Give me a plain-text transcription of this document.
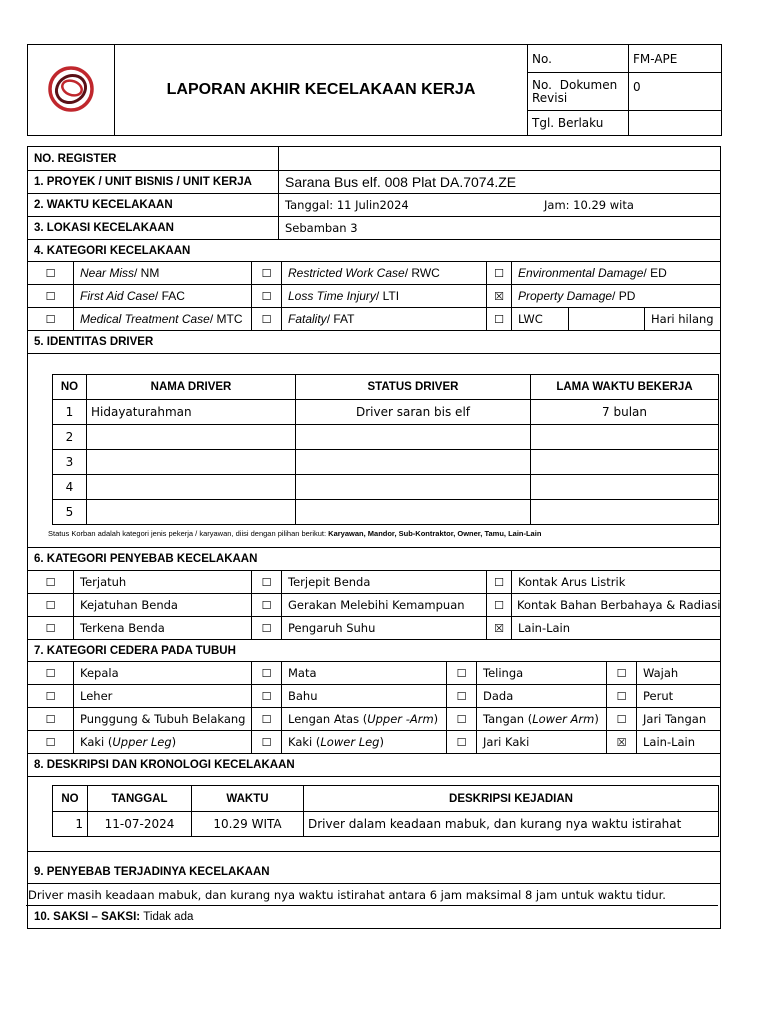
	LAPORAN AKHIR KECELAKAAN KERJA	No.	FM-APE
		No. Dokumen Revisi	0
		Tgl. Berlaku	
NO. REGISTER
1. PROYEK / UNIT BISNIS / UNIT KERJA	Sarana Bus elf. 008 Plat DA.7074.ZE
2. WAKTU KECELAKAAN	Tanggal: 11 Julin2024	Jam: 10.29 wita
3. LOKASI KECELAKAAN	Sebamban 3
4. KATEGORI KECELAKAAN
☐	Near Miss / NM	☐	Restricted Work Case / RWC	☐	Environmental Damage / ED
☐	First Aid Case / FAC	☐	Loss Time Injury / LTI	☒	Property Damage / PD
☐	Medical Treatment Case / MTC	☐	Fatality / FAT	☐	LWC	Hari hilang
5. IDENTITAS DRIVER
NO	NAMA DRIVER	STATUS DRIVER	LAMA WAKTU BEKERJA
1	Hidayaturahman	Driver saran bis elf	7 bulan
2			
3			
4			
5			
Status Korban adalah kategori jenis pekerja / karyawan, diisi dengan pilihan berikut: Karyawan, Mandor, Sub-Kontraktor, Owner, Tamu, Lain-Lain
6. KATEGORI PENYEBAB KECELAKAAN
☐	Terjatuh	☐	Terjepit Benda	☐	Kontak Arus Listrik
☐	Kejatuhan Benda	☐	Gerakan Melebihi Kemampuan	☐	Kontak Bahan Berbahaya & Radiasi
☐	Terkena Benda	☐	Pengaruh Suhu	☒	Lain-Lain
7. KATEGORI CEDERA PADA TUBUH
☐	Kepala	☐	Mata	☐	Telinga	☐	Wajah
☐	Leher	☐	Bahu	☐	Dada	☐	Perut
☐	Punggung & Tubuh Belakang	☐	Lengan Atas ( Upper -Arm )	☐	Tangan ( Lower Arm )	☐	Jari Tangan
☐	Kaki ( Upper Leg )	☐	Kaki ( Lower Leg )	☐	Jari Kaki	☒	Lain-Lain
8. DESKRIPSI DAN KRONOLOGI KECELAKAAN
NO	TANGGAL	WAKTU	DESKRIPSI KEJADIAN
1	11-07-2024	10.29 WITA	Driver dalam keadaan mabuk, dan kurang nya waktu istirahat
9. PENYEBAB TERJADINYA KECELAKAAN
Driver masih keadaan mabuk, dan kurang nya waktu istirahat antara 6 jam maksimal 8 jam untuk waktu tidur.
10. SAKSI – SAKSI:
Tidak ada
